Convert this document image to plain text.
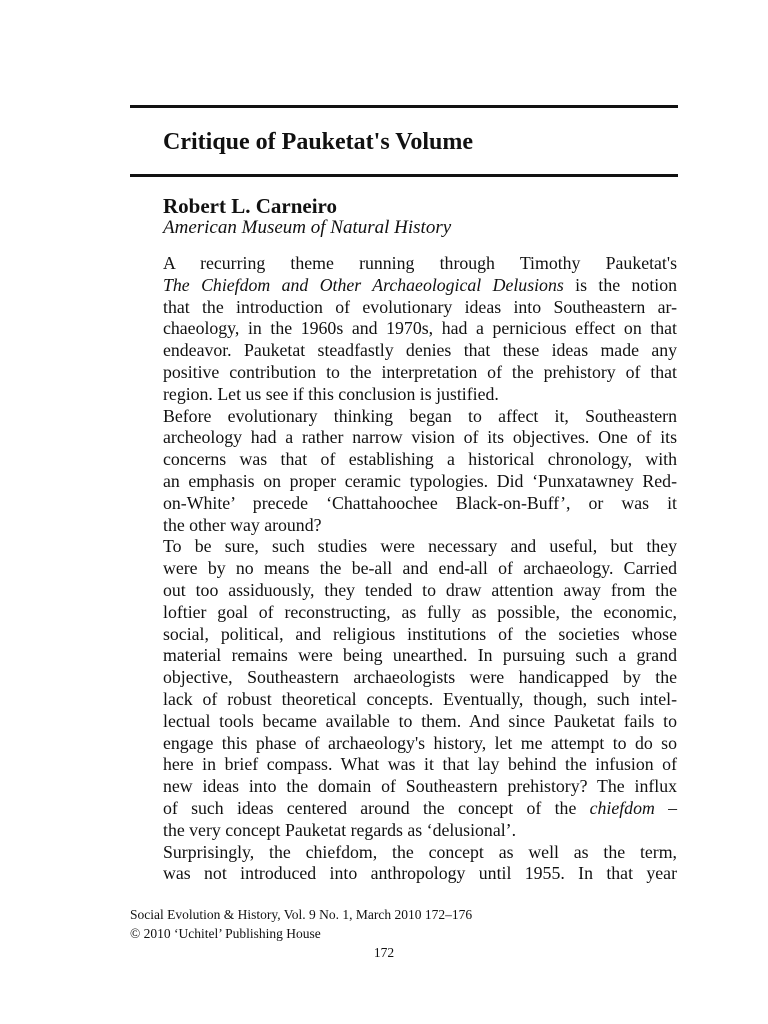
Critique of Pauketat's Volume
Robert L. Carneiro
American Museum of Natural History

A recurring theme running through Timothy Pauketat's
The Chiefdom and Other Archaeological Delusions is the notion
that the introduction of evolutionary ideas into Southeastern ar-
chaeology, in the 1960s and 1970s, had a pernicious effect on that
endeavor. Pauketat steadfastly denies that these ideas made any
positive contribution to the interpretation of the prehistory of that
region. Let us see if this conclusion is justified.

Before evolutionary thinking began to affect it, Southeastern
archeology had a rather narrow vision of its objectives. One of its
concerns was that of establishing a historical chronology, with
an emphasis on proper ceramic typologies. Did ‘Punxatawney Red-
on-White’ precede ‘Chattahoochee Black-on-Buff’, or was it
the other way around?

To be sure, such studies were necessary and useful, but they
were by no means the be-all and end-all of archaeology. Carried
out too assiduously, they tended to draw attention away from the
loftier goal of reconstructing, as fully as possible, the economic,
social, political, and religious institutions of the societies whose
material remains were being unearthed. In pursuing such a grand
objective, Southeastern archaeologists were handicapped by the
lack of robust theoretical concepts. Eventually, though, such intel-
lectual tools became available to them. And since Pauketat fails to
engage this phase of archaeology's history, let me attempt to do so
here in brief compass. What was it that lay behind the infusion of
new ideas into the domain of Southeastern prehistory? The influx
of such ideas centered around the concept of the chiefdom –
the very concept Pauketat regards as ‘delusional’.

Surprisingly, the chiefdom, the concept as well as the term,
was not introduced into anthropology until 1955. In that year

Social Evolution & History, Vol. 9 No. 1, March 2010 172–176
© 2010 ‘Uchitel’ Publishing House
172
